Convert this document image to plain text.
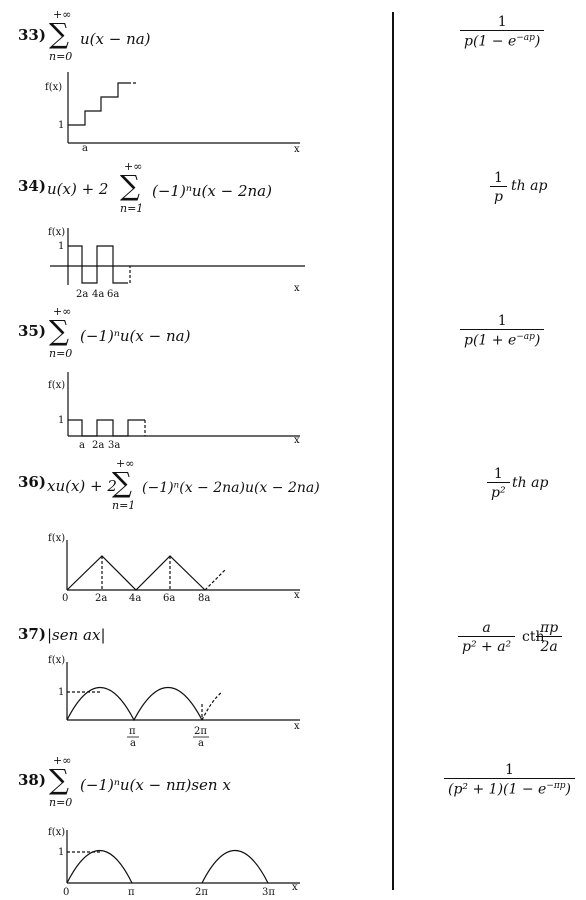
33)
+∞
∑
n=0
u(x − na)	$\frac{1}{p(1 - e^{-ap})}$
f(x)
1
a	x
34) u(x) + 2
+∞
∑
n=1
(−1)ⁿu(x − 2na)	$\frac{1}{p}$ th ap
f(x)
1
2a 4a 6a
x
35)
+∞
∑
n=0
(−1)ⁿu(x − na)	$\frac{1}{p(1 + e^{-ap})}$
f(x)
1
a 2a 3a	x
36) xu(x) + 2
+∞
∑
n=1
(−1)ⁿ(x − 2na)u(x − 2na)	$\frac{1}{\text{p²}}$ th ap
f(x)
0	2a 4a 6a 8a	x
37) |sen ax|	$\frac{a}{\text{p² + a²}}$ cth
$\frac{\pi p}{2a}$
f(x)
1
π
a
2π
a
x
38)
+∞
∑
n=0
(−1)ⁿu(x − nπ)sen x	$\frac{1}{(p^2 + 1)(1 - e^{-\pi p})}$
f(x)
1
0	π	2π	3π x
